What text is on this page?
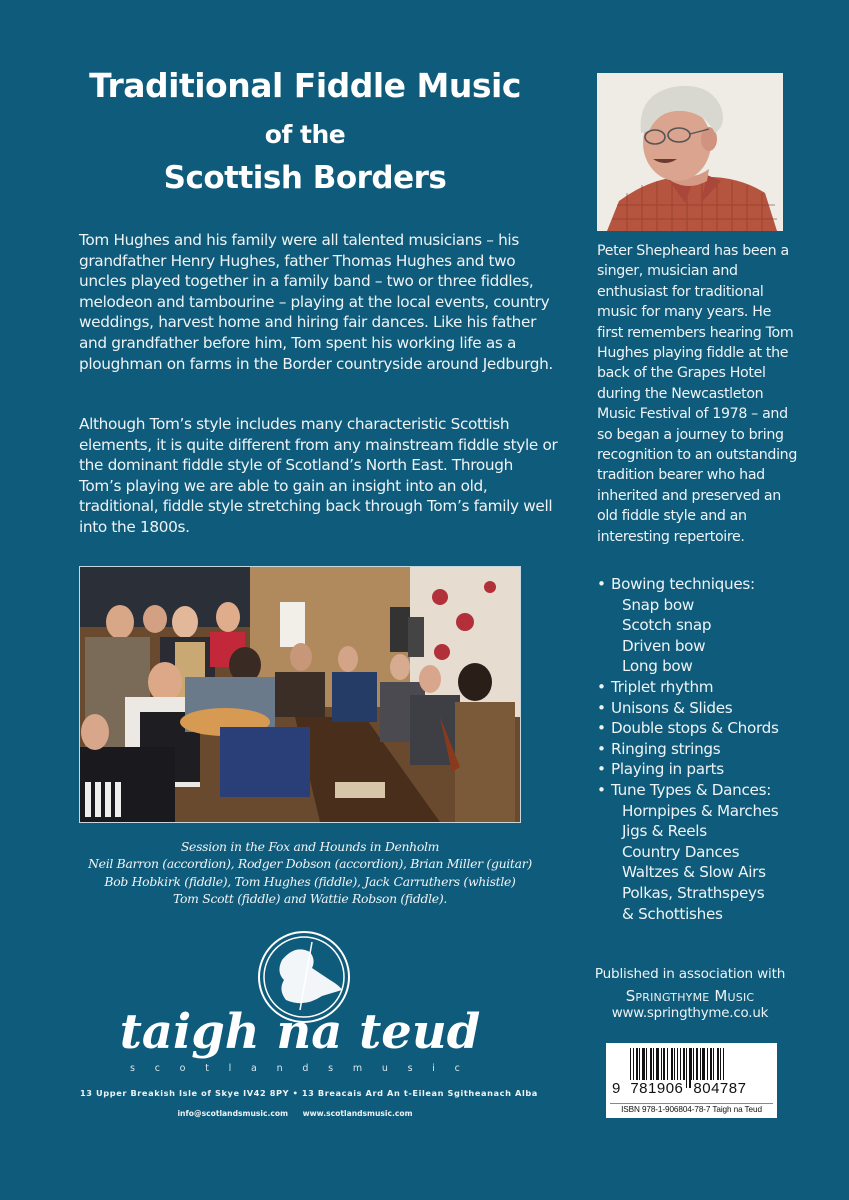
Traditional Fiddle Music
of the
Scottish Borders
Tom Hughes and his family were all talented musicians – his grandfather Henry Hughes, father Thomas Hughes and two uncles played together in a family band – two or three fiddles, melodeon and tambourine – playing at the local events, country weddings, harvest home and hiring fair dances. Like his father and grandfather before him, Tom spent his working life as a ploughman on farms in the Border countryside around Jedburgh.
Although Tom’s style includes many characteristic Scottish elements, it is quite different from any mainstream fiddle style or the dominant fiddle style of Scotland’s North East. Through Tom’s playing we are able to gain an insight into an old, traditional, fiddle style stretching back through Tom’s family well into the 1800s.
Peter Shepheard has been a singer, musician and enthusiast for traditional music for many years. He first remembers hearing Tom Hughes playing fiddle at the back of the Grapes Hotel during the Newcastleton Music Festival of 1978 – and so began a journey to bring recognition to an outstanding tradition bearer who had inherited and preserved an old fiddle style and an interesting repertoire.
Session in the Fox and Hounds in Denholm
Neil Barron (accordion), Rodger Dobson (accordion), Brian Miller (guitar)
Bob Hobkirk (fiddle), Tom Hughes (fiddle), Jack Carruthers (whistle)
Tom Scott (fiddle) and Wattie Robson (fiddle).
• Bowing techniques:
Snap bow
Scotch snap
Driven bow
Long bow
• Triplet rhythm
• Unisons & Slides
• Double stops & Chords
• Ringing strings
• Playing in parts
• Tune Types & Dances:
Hornpipes & Marches
Jigs & Reels
Country Dances
Waltzes & Slow Airs
Polkas, Strathspeys
& Schottishes
taigh na teud
s c o t l a n d s m u s i c
13 Upper Breakish Isle of Skye IV42 8PY • 13 Breacais Ard An t-Eilean Sgitheanach Alba
info@scotlandsmusic.com www.scotlandsmusic.com
Published in association with
Springthyme Music
www.springthyme.co.uk
9 781906 804787
ISBN 978-1-906804-78-7 Taigh na Teud
